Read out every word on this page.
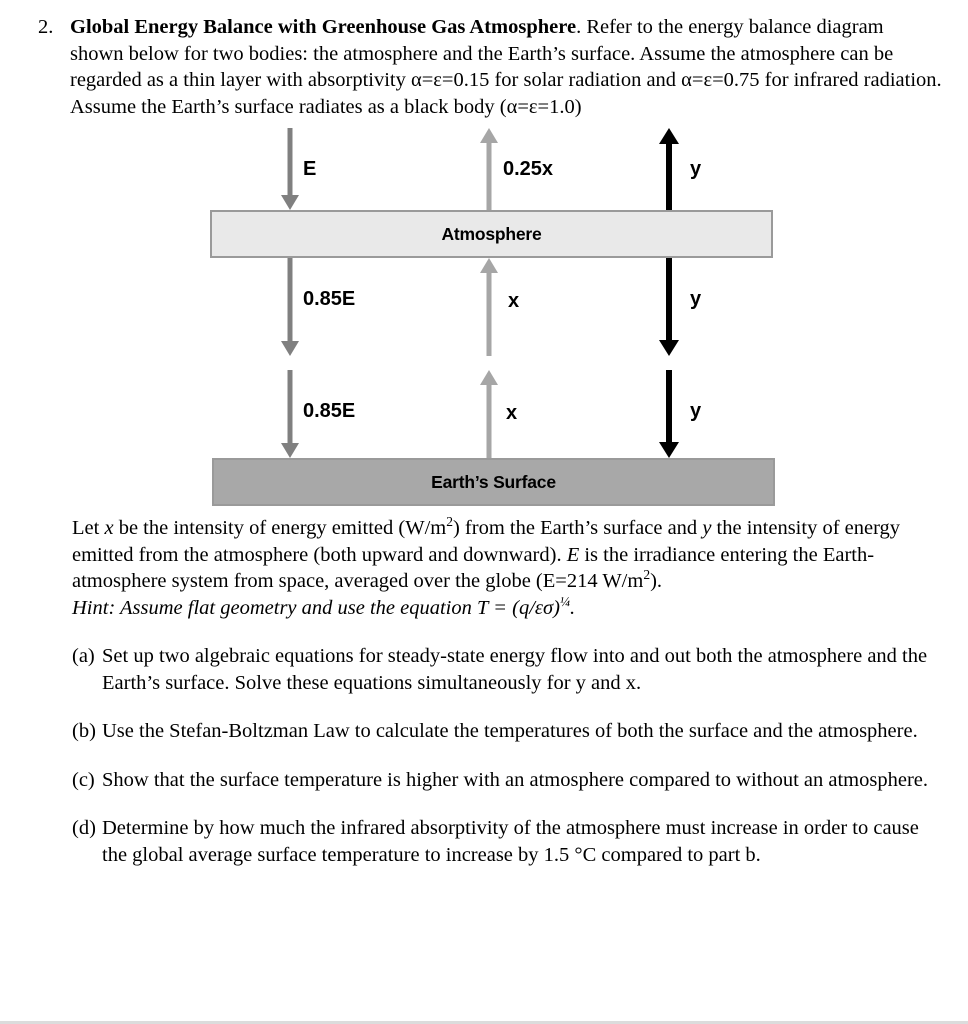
2. Global Energy Balance with Greenhouse Gas Atmosphere. Refer to the energy balance diagram shown below for two bodies: the atmosphere and the Earth’s surface. Assume the atmosphere can be regarded as a thin layer with absorptivity α=ε=0.15 for solar radiation and α=ε=0.75 for infrared radiation. Assume the Earth’s surface radiates as a black body (α=ε=1.0)
E	0.25x	y
Atmosphere
0.85E	x	y
0.85E	x	y
Earth’s Surface

Let x be the intensity of energy emitted $(W/m^2)$ from the Earth’s surface and y the intensity of energy emitted from the atmosphere (both upward and downward). E is the irradiance entering the Earth-atmosphere system from space, averaged over the globe (E=214 $W/m^2$).

Hint: Assume flat geometry and use the equation $T = (q/\varepsilon\sigma)^{\frac{1}{4}}$.

(a) Set up two algebraic equations for steady-state energy flow into and out both the atmosphere and the Earth’s surface. Solve these equations simultaneously for y and x.
(b) Use the Stefan-Boltzman Law to calculate the temperatures of both the surface and the atmosphere.
(c) Show that the surface temperature is higher with an atmosphere compared to without an atmosphere.
(d) Determine by how much the infrared absorptivity of the atmosphere must increase in order to cause the global average surface temperature to increase by 1.5 °C compared to part b.
